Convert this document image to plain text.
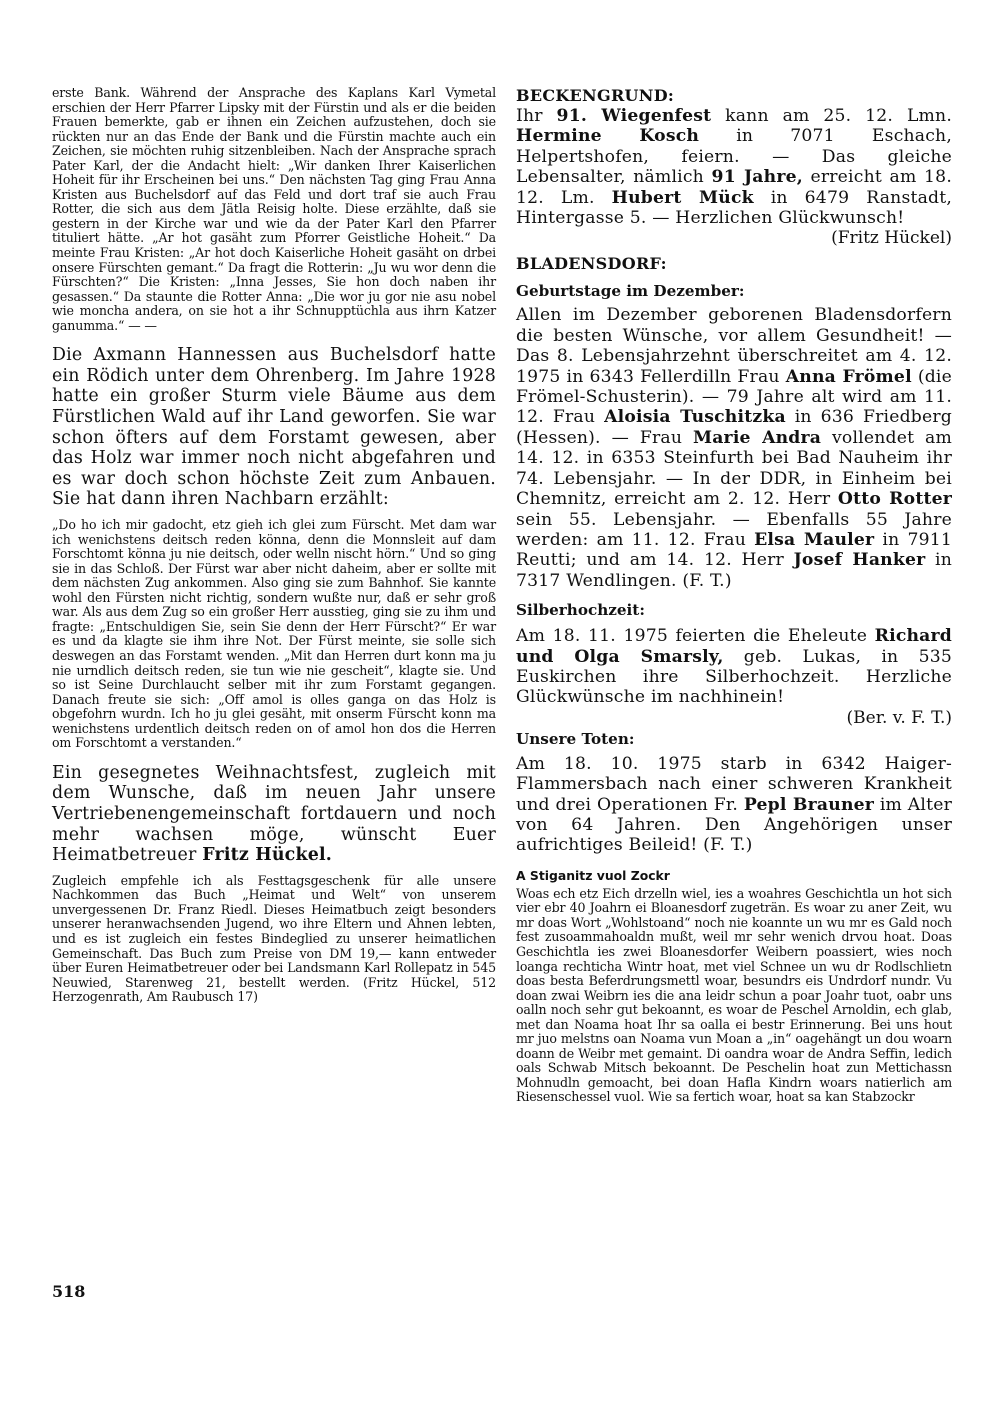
erste Bank. Während der Ansprache des Kaplans Karl Vymetal erschien der Herr Pfarrer Lipsky mit der Fürstin und als er die beiden Frauen bemerkte, gab er ihnen ein Zeichen aufzustehen, doch sie rückten nur an das Ende der Bank und die Fürstin machte auch ein Zeichen, sie möchten ruhig sitzenbleiben. Nach der Ansprache sprach Pater Karl, der die Andacht hielt: „Wir danken Ihrer Kaiserlichen Hoheit für ihr Erscheinen bei uns.“ Den nächsten Tag ging Frau Anna Kristen aus Buchelsdorf auf das Feld und dort traf sie auch Frau Rotter, die sich aus dem Jätla Reisig holte. Diese erzählte, daß sie gestern in der Kirche war und wie da der Pater Karl den Pfarrer tituliert hätte. „Ar hot gasäht zum Pforrer Geistliche Hoheit.“ Da meinte Frau Kristen: „Ar hot doch Kaiserliche Hoheit gasäht on drbei onsere Fürschten gemant.“ Da fragt die Rotterin: „Ju wu wor denn die Fürschten?“ Die Kristen: „Inna Jesses, Sie hon doch naben ihr gesassen.“ Da staunte die Rotter Anna: „Die wor ju gor nie asu nobel wie moncha andera, on sie hot a ihr Schnupptüchla aus ihrn Katzer ganumma.“ — —

Die Axmann Hannessen aus Buchelsdorf hatte ein Rödich unter dem Ohrenberg. Im Jahre 1928 hatte ein großer Sturm viele Bäume aus dem Fürstlichen Wald auf ihr Land geworfen. Sie war schon öfters auf dem Forstamt gewesen, aber das Holz war immer noch nicht abgefahren und es war doch schon höchste Zeit zum Anbauen. Sie hat dann ihren Nachbarn erzählt:

„Do ho ich mir gadocht, etz gieh ich glei zum Fürscht. Met dam war ich wenichstens deitsch reden könna, denn die Monnsleit auf dam Forschtomt könna ju nie deitsch, oder welln nischt hörn.“ Und so ging sie in das Schloß. Der Fürst war aber nicht daheim, aber er sollte mit dem nächsten Zug ankommen. Also ging sie zum Bahnhof. Sie kannte wohl den Fürsten nicht richtig, sondern wußte nur, daß er sehr groß war. Als aus dem Zug so ein großer Herr ausstieg, ging sie zu ihm und fragte: „Entschuldigen Sie, sein Sie denn der Herr Fürscht?“ Er war es und da klagte sie ihm ihre Not. Der Fürst meinte, sie solle sich deswegen an das Forstamt wenden. „Mit dan Herren durt konn ma ju nie urndlich deitsch reden, sie tun wie nie gescheit“, klagte sie. Und so ist Seine Durchlaucht selber mit ihr zum Forstamt gegangen. Danach freute sie sich: „Off amol is olles ganga on das Holz is obgefohrn wurdn. Ich ho ju glei gesäht, mit onserm Fürscht konn ma wenichstens urdentlich deitsch reden on of amol hon dos die Herren om Forschtomt a verstanden.“

Ein gesegnetes Weihnachtsfest, zugleich mit dem Wunsche, daß im neuen Jahr unsere Vertriebenengemeinschaft fortdauern und noch mehr wachsen möge, wünscht Euer Heimatbetreuer Fritz Hückel.

Zugleich empfehle ich als Festtagsgeschenk für alle unsere Nachkommen das Buch „Heimat und Welt“ von unserem unvergessenen Dr. Franz Riedl. Dieses Heimatbuch zeigt besonders unserer heranwachsenden Jugend, wo ihre Eltern und Ahnen lebten, und es ist zugleich ein festes Bindeglied zu unserer heimatlichen Gemeinschaft. Das Buch zum Preise von DM 19,— kann entweder über Euren Heimatbetreuer oder bei Landsmann Karl Rollepatz in 545 Neuwied, Starenweg 21, bestellt werden. (Fritz Hückel, 512 Herzogenrath, Am Raubusch 17)

BECKENGRUND:

Ihr 91. Wiegenfest kann am 25. 12. Lmn. Hermine Kosch in 7071 Eschach, Helpertshofen, feiern. — Das gleiche Lebensalter, nämlich 91 Jahre, erreicht am 18. 12. Lm. Hubert Mück in 6479 Ranstadt, Hintergasse 5. — Herzlichen Glückwunsch!

(Fritz Hückel)
BLADENSDORF:
Geburtstage im Dezember:

Allen im Dezember geborenen Bladensdorfern die besten Wünsche, vor allem Gesundheit! — Das 8. Lebensjahrzehnt überschreitet am 4. 12. 1975 in 6343 Fellerdilln Frau Anna Frömel (die Frömel-Schusterin). — 79 Jahre alt wird am 11. 12. Frau Aloisia Tuschitzka in 636 Friedberg (Hessen). — Frau Marie Andra vollendet am 14. 12. in 6353 Steinfurth bei Bad Nauheim ihr 74. Lebensjahr. — In der DDR, in Einheim bei Chemnitz, erreicht am 2. 12. Herr Otto Rotter sein 55. Lebensjahr. — Ebenfalls 55 Jahre werden: am 11. 12. Frau Elsa Mauler in 7911 Reutti; und am 14. 12. Herr Josef Hanker in 7317 Wendlingen. (F. T.)

Silberhochzeit:

Am 18. 11. 1975 feierten die Eheleute Richard und Olga Smarsly, geb. Lukas, in 535 Euskirchen ihre Silberhochzeit. Herzliche Glückwünsche im nachhinein!

(Ber. v. F. T.)
Unsere Toten:

Am 18. 10. 1975 starb in 6342 Haiger-Flammersbach nach einer schweren Krankheit und drei Operationen Fr. Pepl Brauner im Alter von 64 Jahren. Den Angehörigen unser aufrichtiges Beileid! (F. T.)

A Stiganitz vuol Zockr

Woas ech etz Eich drzelln wiel, ies a woahres Geschichtla un hot sich vier ebr 40 Joahrn ei Bloanesdorf zugeträn. Es woar zu aner Zeit, wu mr doas Wort „Wohlstoand“ noch nie koannte un wu mr es Gald noch fest zusoammahoaldn mußt, weil mr sehr wenich drvou hoat. Doas Geschichtla ies zwei Bloanesdorfer Weibern poassiert, wies noch loanga rechticha Wintr hoat, met viel Schnee un wu dr Rodlschlietn doas besta Beferdrungsmettl woar, besundrs eis Undrdorf nundr. Vu doan zwai Weibrn ies die ana leidr schun a poar Joahr tuot, oabr uns oalln noch sehr gut bekoannt, es woar de Peschel Arnoldin, ech glab, met dan Noama hoat Ihr sa oalla ei bestr Erinnerung. Bei uns hout mr juo melstns oan Noama vun Moan a „in“ oagehängt un dou woarn doann de Weibr met gemaint. Di oandra woar de Andra Seffin, ledich oals Schwab Mitsch bekoannt. De Peschelin hoat zun Mettichassn Mohnudln gemoacht, bei doan Hafla Kindrn woars natierlich am Riesenschessel vuol. Wie sa fertich woar, hoat sa kan Stabzockr

518
